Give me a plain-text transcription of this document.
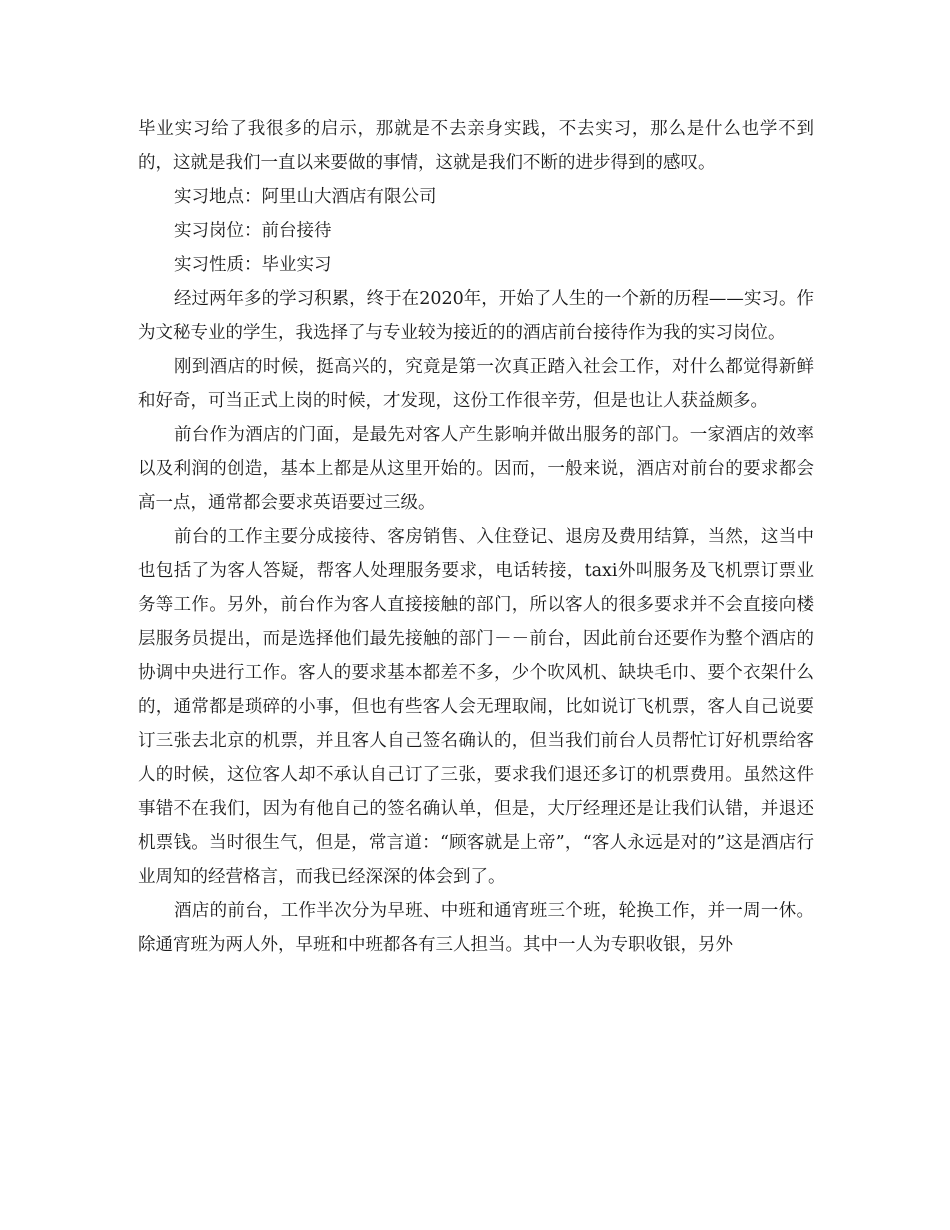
毕业实习给了我很多的启示，那就是不去亲身实践，不去实习，那么是什么也学不到的，这就是我们一直以来要做的事情，这就是我们不断的进步得到的感叹。

实习地点：阿里山大酒店有限公司

实习岗位：前台接待

实习性质：毕业实习

经过两年多的学习积累，终于在2020年，开始了人生的一个新的历程——实习。作为文秘专业的学生，我选择了与专业较为接近的的酒店前台接待作为我的实习岗位。

刚到酒店的时候，挺高兴的，究竟是第一次真正踏入社会工作，对什么都觉得新鲜和好奇，可当正式上岗的时候，才发现，这份工作很辛劳，但是也让人获益颇多。

前台作为酒店的门面，是最先对客人产生影响并做出服务的部门。一家酒店的效率以及利润的创造，基本上都是从这里开始的。因而，一般来说，酒店对前台的要求都会高一点，通常都会要求英语要过三级。

前台的工作主要分成接待、客房销售、入住登记、退房及费用结算，当然，这当中也包括了为客人答疑，帮客人处理服务要求，电话转接，taxi外叫服务及飞机票订票业务等工作。另外，前台作为客人直接接触的部门，所以客人的很多要求并不会直接向楼层服务员提出，而是选择他们最先接触的部门－－前台，因此前台还要作为整个酒店的协调中央进行工作。客人的要求基本都差不多，少个吹风机、缺块毛巾、要个衣架什么的，通常都是琐碎的小事，但也有些客人会无理取闹，比如说订飞机票，客人自己说要订三张去北京的机票，并且客人自己签名确认的，但当我们前台人员帮忙订好机票给客人的时候，这位客人却不承认自己订了三张，要求我们退还多订的机票费用。虽然这件事错不在我们，因为有他自己的签名确认单，但是，大厅经理还是让我们认错，并退还机票钱。当时很生气，但是，常言道：“顾客就是上帝”，“客人永远是对的”这是酒店行业周知的经营格言，而我已经深深的体会到了。

酒店的前台，工作半次分为早班、中班和通宵班三个班，轮换工作，并一周一休。除通宵班为两人外，早班和中班都各有三人担当。其中一人为专职收银，另外
